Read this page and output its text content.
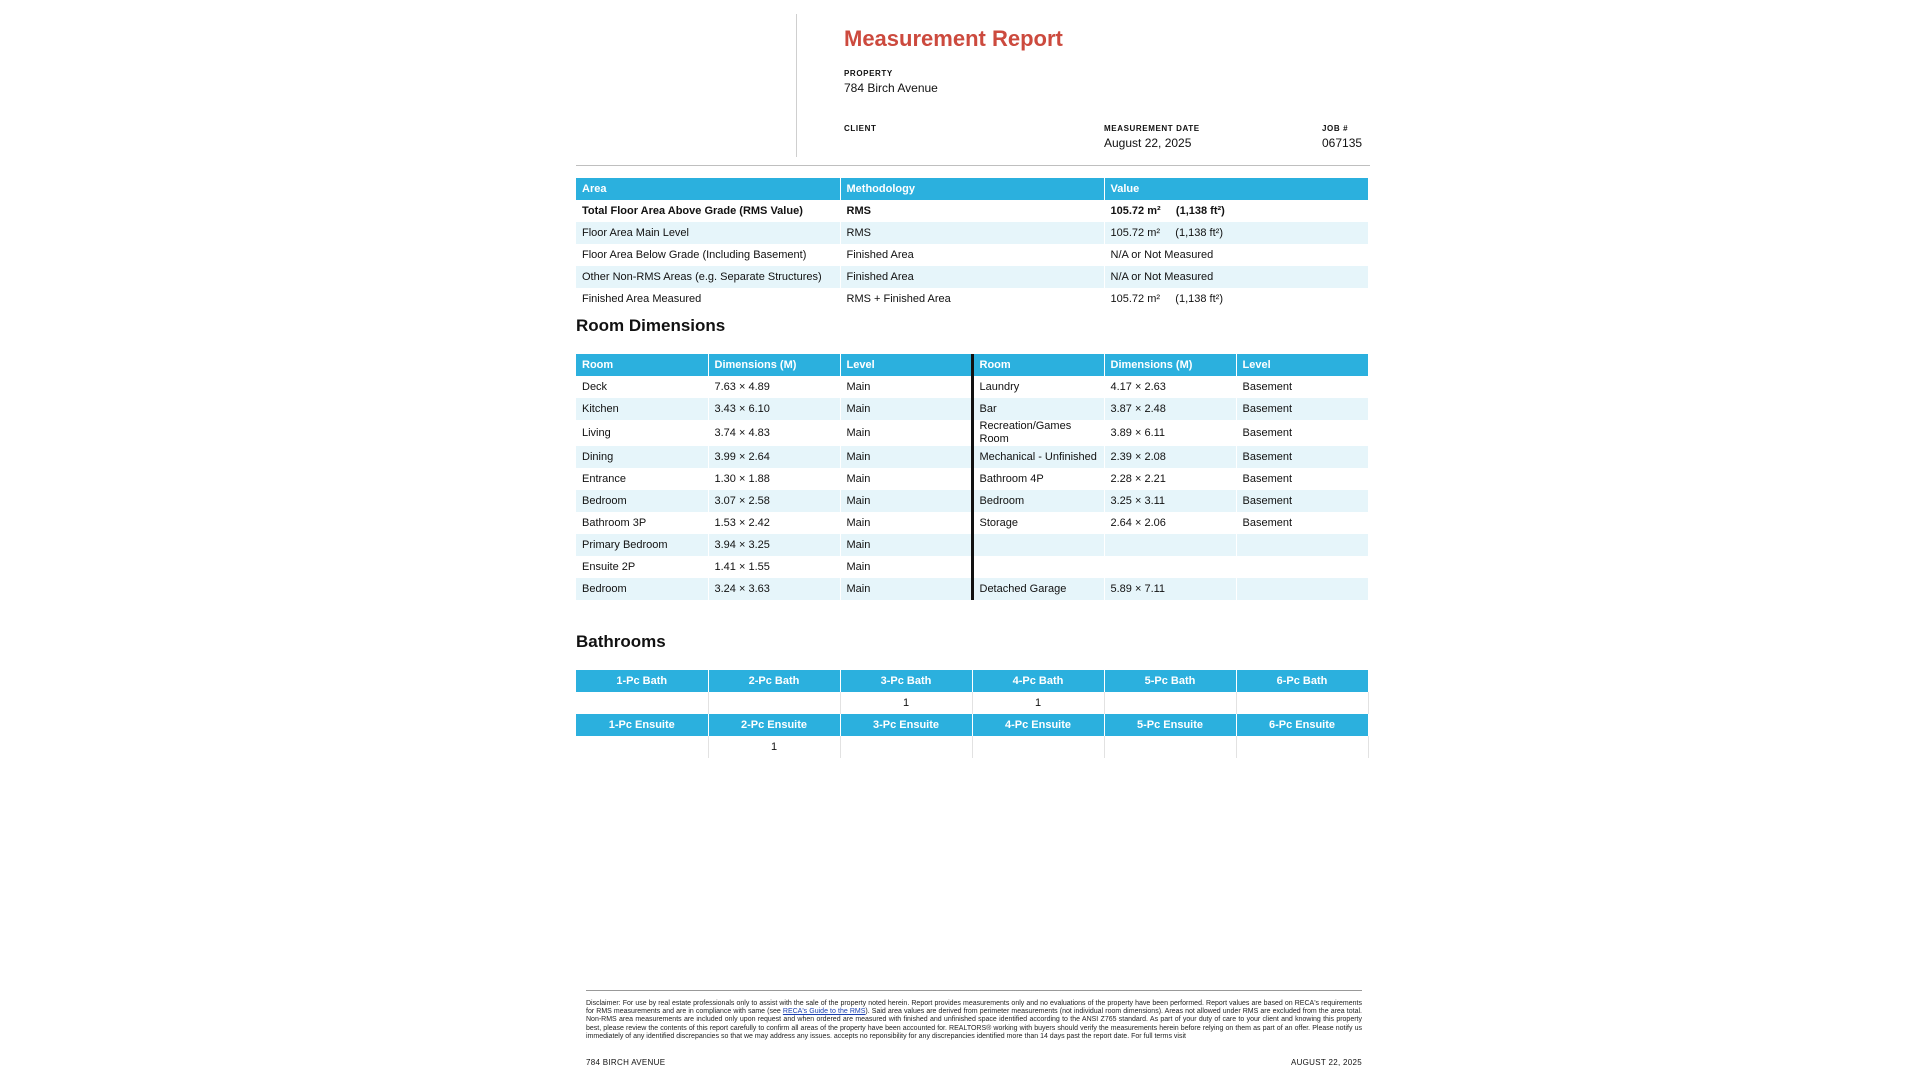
Measurement Report
PROPERTY
784 Birch Avenue
CLIENT	MEASUREMENT DATE
August 22, 2025
JOB #
067135
Area	Methodology	Value
Total Floor Area Above Grade (RMS Value)	RMS	105.72 m²     (1,138 ft²)
Floor Area Main Level	RMS	105.72 m²     (1,138 ft²)
Floor Area Below Grade (Including Basement)	Finished Area	N/A or Not Measured
Other Non-RMS Areas (e.g. Separate Structures)	Finished Area	N/A or Not Measured
Finished Area Measured	RMS + Finished Area	105.72 m²     (1,138 ft²)
Room Dimensions
Room	Dimensions (M)	Level	Room	Dimensions (M)	Level
Deck	7.63 × 4.89	Main	Laundry	4.17 × 2.63	Basement
Kitchen	3.43 × 6.10	Main	Bar	3.87 × 2.48	Basement
Living	3.74 × 4.83	Main	Recreation/Games Room	3.89 × 6.11	Basement
Dining	3.99 × 2.64	Main	Mechanical - Unfinished	2.39 × 2.08	Basement
Entrance	1.30 × 1.88	Main	Bathroom 4P	2.28 × 2.21	Basement
Bedroom	3.07 × 2.58	Main	Bedroom	3.25 × 3.11	Basement
Bathroom 3P	1.53 × 2.42	Main	Storage	2.64 × 2.06	Basement
Primary Bedroom	3.94 × 3.25	Main			
Ensuite 2P	1.41 × 1.55	Main			
Bedroom	3.24 × 3.63	Main	Detached Garage	5.89 × 7.11	
Bathrooms
1-Pc Bath	2-Pc Bath	3-Pc Bath	4-Pc Bath	5-Pc Bath	6-Pc Bath
		1	1		
1-Pc Ensuite	2-Pc Ensuite	3-Pc Ensuite	4-Pc Ensuite	5-Pc Ensuite	6-Pc Ensuite
	1				
Disclaimer: For use by real estate professionals only to assist with the sale of the property noted herein. Report provides measurements only and no evaluations of the property have been performed. Report values are based on RECA's requirements for RMS measurements and are in compliance with same (see RECA's Guide to the RMS). Said area values are derived from perimeter measurements (not individual room dimensions). Areas not allowed under RMS are excluded from the area total. Non-RMS area measurements are included only upon request and when ordered are measured with finished and unfinished space identified according to the ANSI Z765 standard. As part of your duty of care to your client and knowing this property best, please review the contents of this report carefully to confirm all areas of the property have been accounted for. REALTORS® working with buyers should verify the measurements herein before relying on them as part of an offer. Please notify us immediately of any identified discrepancies so that we may address any issues. accepts no reponsibility for any discrepancies identified more than 14 days past the report date. For full terms visit
784 BIRCH AVENUE	AUGUST 22, 2025
